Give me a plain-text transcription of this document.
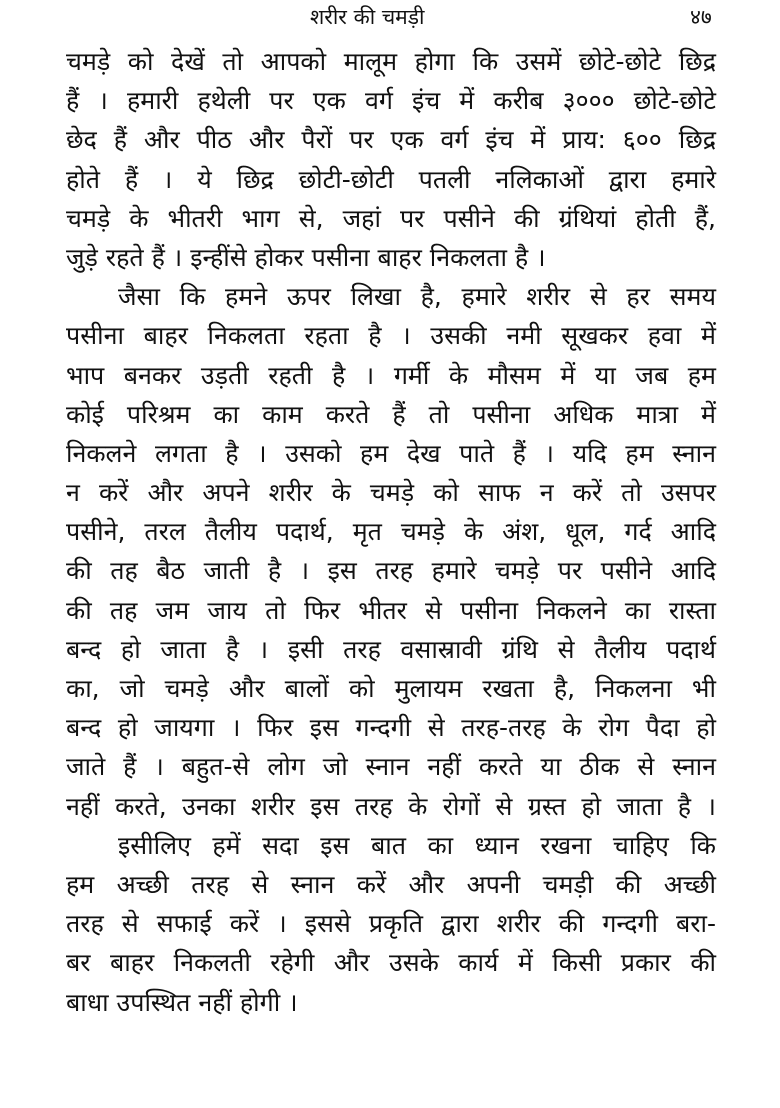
शरीर की चमड़ी	४७
चमड़े को देखें तो आपको मालूम होगा कि उसमें छोटे-छोटे छिद्र
हैं । हमारी हथेली पर एक वर्ग इंच में करीब ३००० छोटे-छोटे
छेद हैं और पीठ और पैरों पर एक वर्ग इंच में प्राय: ६०० छिद्र
होते हैं । ये छिद्र छोटी-छोटी पतली नलिकाओं द्वारा हमारे
चमड़े के भीतरी भाग से, जहां पर पसीने की ग्रंथियां होती हैं,
जुड़े रहते हैं । इन्हींसे होकर पसीना बाहर निकलता है ।
जैसा कि हमने ऊपर लिखा है, हमारे शरीर से हर समय
पसीना बाहर निकलता रहता है । उसकी नमी सूखकर हवा में
भाप बनकर उड़ती रहती है । गर्मी के मौसम में या जब हम
कोई परिश्रम का काम करते हैं तो पसीना अधिक मात्रा में
निकलने लगता है । उसको हम देख पाते हैं । यदि हम स्नान
न करें और अपने शरीर के चमड़े को साफ न करें तो उसपर
पसीने, तरल तैलीय पदार्थ, मृत चमड़े के अंश, धूल, गर्द आदि
की तह बैठ जाती है । इस तरह हमारे चमड़े पर पसीने आदि
की तह जम जाय तो फिर भीतर से पसीना निकलने का रास्ता
बन्द हो जाता है । इसी तरह वसास्रावी ग्रंथि से तैलीय पदार्थ
का, जो चमड़े और बालों को मुलायम रखता है, निकलना भी
बन्द हो जायगा । फिर इस गन्दगी से तरह-तरह के रोग पैदा हो
जाते हैं । बहुत-से लोग जो स्नान नहीं करते या ठीक से स्नान
नहीं करते, उनका शरीर इस तरह के रोगों से ग्रस्त हो जाता है ।
इसीलिए हमें सदा इस बात का ध्यान रखना चाहिए कि
हम अच्छी तरह से स्नान करें और अपनी चमड़ी की अच्छी
तरह से सफाई करें । इससे प्रकृति द्वारा शरीर की गन्दगी बरा-
बर बाहर निकलती रहेगी और उसके कार्य में किसी प्रकार की
बाधा उपस्थित नहीं होगी ।
